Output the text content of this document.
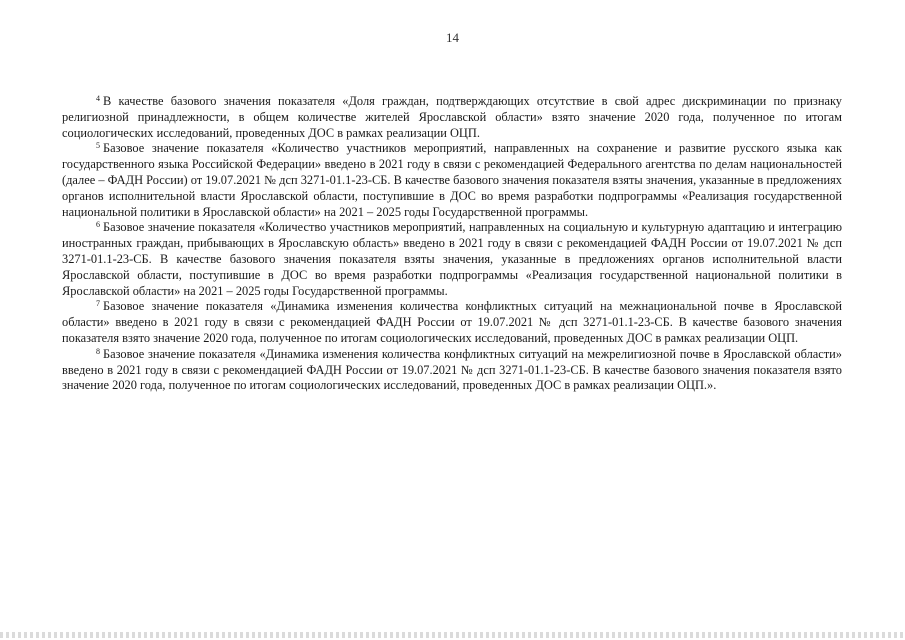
14

$^4$ В качестве базового значения показателя «Доля граждан, подтверждающих отсутствие в свой адрес дискриминации по признаку религиозной принадлежности, в общем количестве жителей Ярославской области» взято значение 2020 года, полученное по итогам социологических исследований, проведенных ДОС в рамках реализации ОЦП.

$^5$ Базовое значение показателя «Количество участников мероприятий, направленных на сохранение и развитие русского языка как государственного языка Российской Федерации» введено в 2021 году в связи с рекомендацией Федерального агентства по делам национальностей (далее – ФАДН России) от 19.07.2021 № дсп 3271-01.1-23-СБ. В качестве базового значения показателя взяты значения, указанные в предложениях органов исполнительной власти Ярославской области, поступившие в ДОС во время разработки подпрограммы «Реализация государственной национальной политики в Ярославской области» на 2021 – 2025 годы Государственной программы.

$^6$ Базовое значение показателя «Количество участников мероприятий, направленных на социальную и культурную адаптацию и интеграцию иностранных граждан, прибывающих в Ярославскую область» введено в 2021 году в связи с рекомендацией ФАДН России от 19.07.2021 № дсп 3271-01.1-23-СБ. В качестве базового значения показателя взяты значения, указанные в предложениях органов исполнительной власти Ярославской области, поступившие в ДОС во время разработки подпрограммы «Реализация государственной национальной политики в Ярославской области» на 2021 – 2025 годы Государственной программы.

$^7$ Базовое значение показателя «Динамика изменения количества конфликтных ситуаций на межнациональной почве в Ярославской области» введено в 2021 году в связи с рекомендацией ФАДН России от 19.07.2021 № дсп 3271-01.1-23-СБ. В качестве базового значения показателя взято значение 2020 года, полученное по итогам социологических исследований, проведенных ДОС в рамках реализации ОЦП.

$^8$ Базовое значение показателя «Динамика изменения количества конфликтных ситуаций на межрелигиозной почве в Ярославской области» введено в 2021 году в связи с рекомендацией ФАДН России от 19.07.2021 № дсп 3271-01.1-23-СБ. В качестве базового значения показателя взято значение 2020 года, полученное по итогам социологических исследований, проведенных ДОС в рамках реализации ОЦП.».
